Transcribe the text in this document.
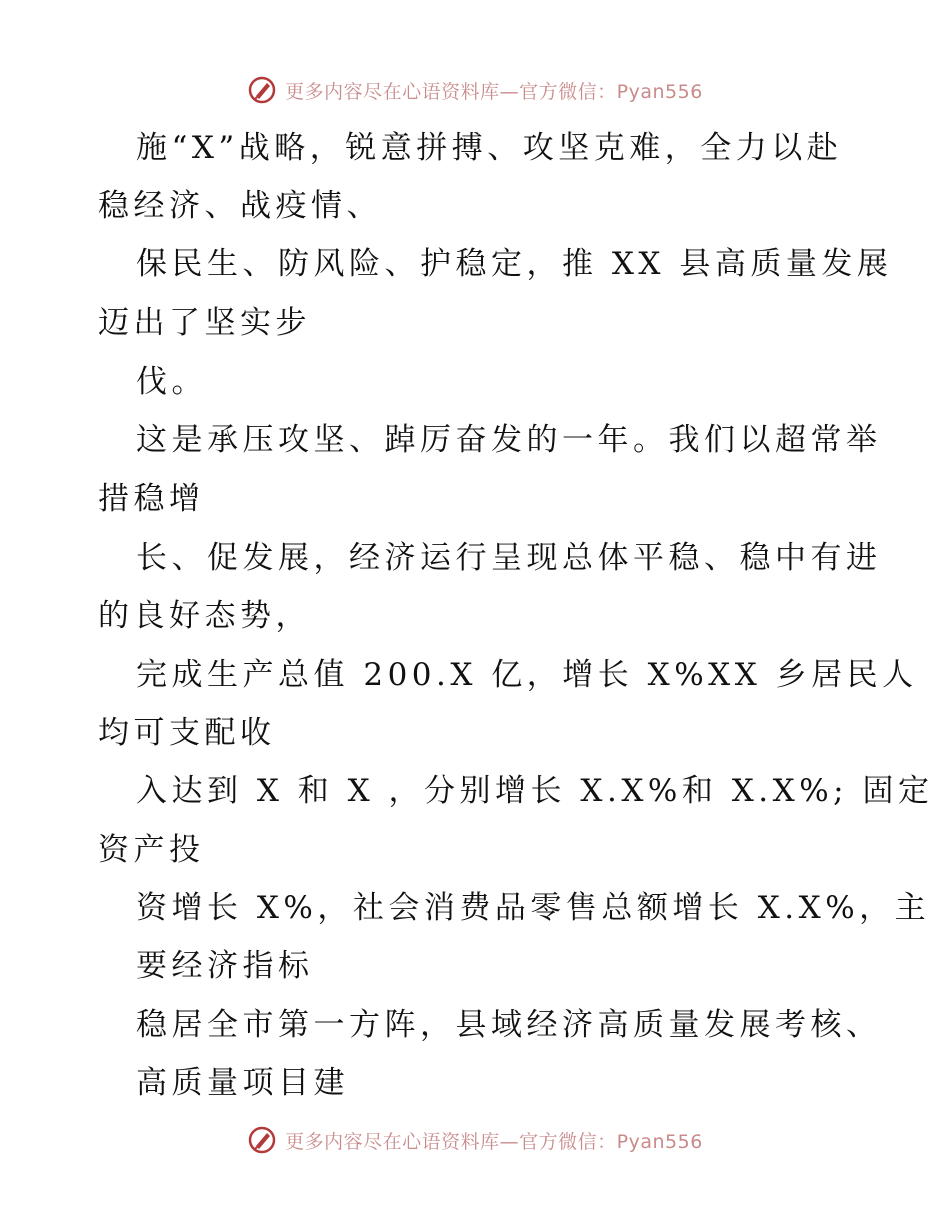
更多内容尽在心语资料库—官方微信：Pyan556

施“X”战略，锐意拼搏、攻坚克难，全力以赴

稳经济、战疫情、

保民生、防风险、护稳定，推 XX 县高质量发展

迈出了坚实步

伐。

这是承压攻坚、踔厉奋发的一年。我们以超常举

措稳增

长、促发展，经济运行呈现总体平稳、稳中有进

的良好态势，

完成生产总值 200.X 亿，增长 X%XX 乡居民人

均可支配收

入达到 X 和 X ，分别增长 X.X%和 X.X%; 固定

资产投

资增长 X%，社会消费品零售总额增长 X.X%，主

要经济指标

稳居全市第一方阵，县域经济高质量发展考核、

高质量项目建

更多内容尽在心语资料库—官方微信：Pyan556
